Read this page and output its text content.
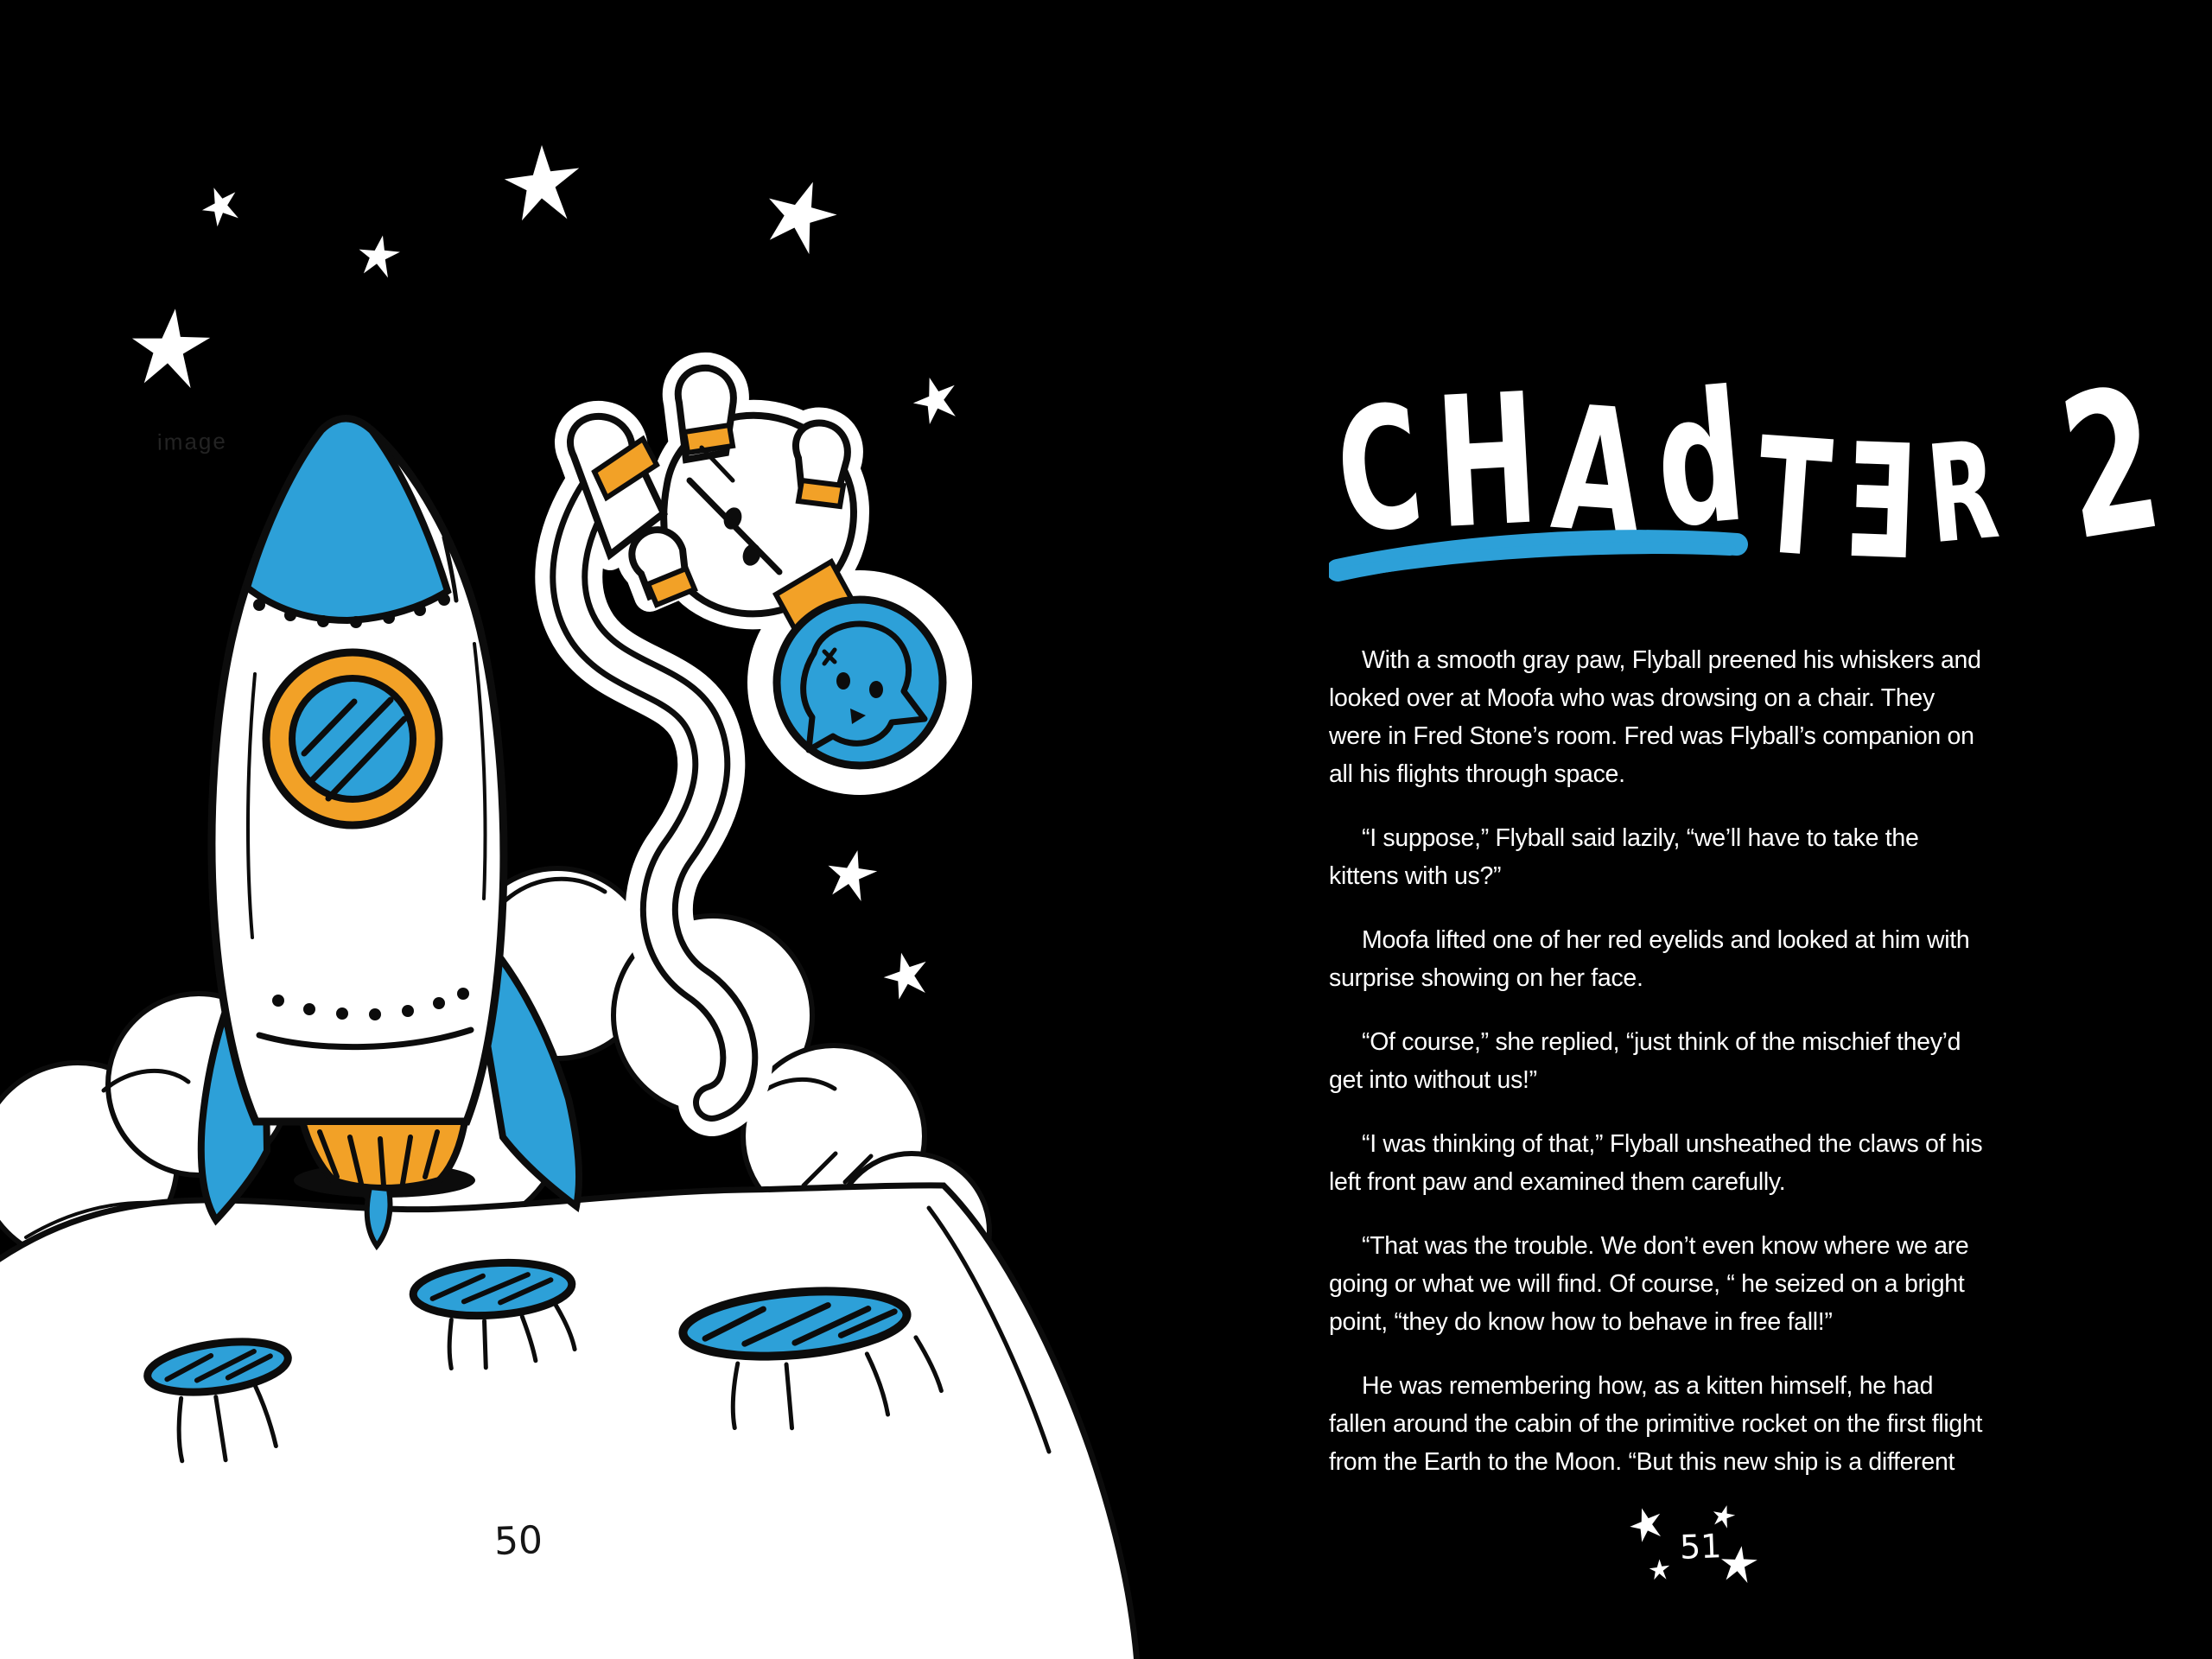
image
50
CHAdTƎR 2

With a smooth gray paw, Flyball preened his whiskers and
looked over at Moofa who was drowsing on a chair. They
were in Fred Stone’s room. Fred was Flyball’s companion on
all his flights through space.

“I suppose,” Flyball said lazily, “we’ll have to take the
kittens with us?”

Moofa lifted one of her red eyelids and looked at him with
surprise showing on her face.

“Of course,” she replied, “just think of the mischief they’d
get into without us!”

“I was thinking of that,” Flyball unsheathed the claws of his
left front paw and examined them carefully.

“That was the trouble. We don’t even know where we are
going or what we will find. Of course, “ he seized on a bright
point, “they do know how to behave in free fall!”

He was remembering how, as a kitten himself, he had
fallen around the cabin of the primitive rocket on the first flight
from the Earth to the Moon. “But this new ship is a different

51
